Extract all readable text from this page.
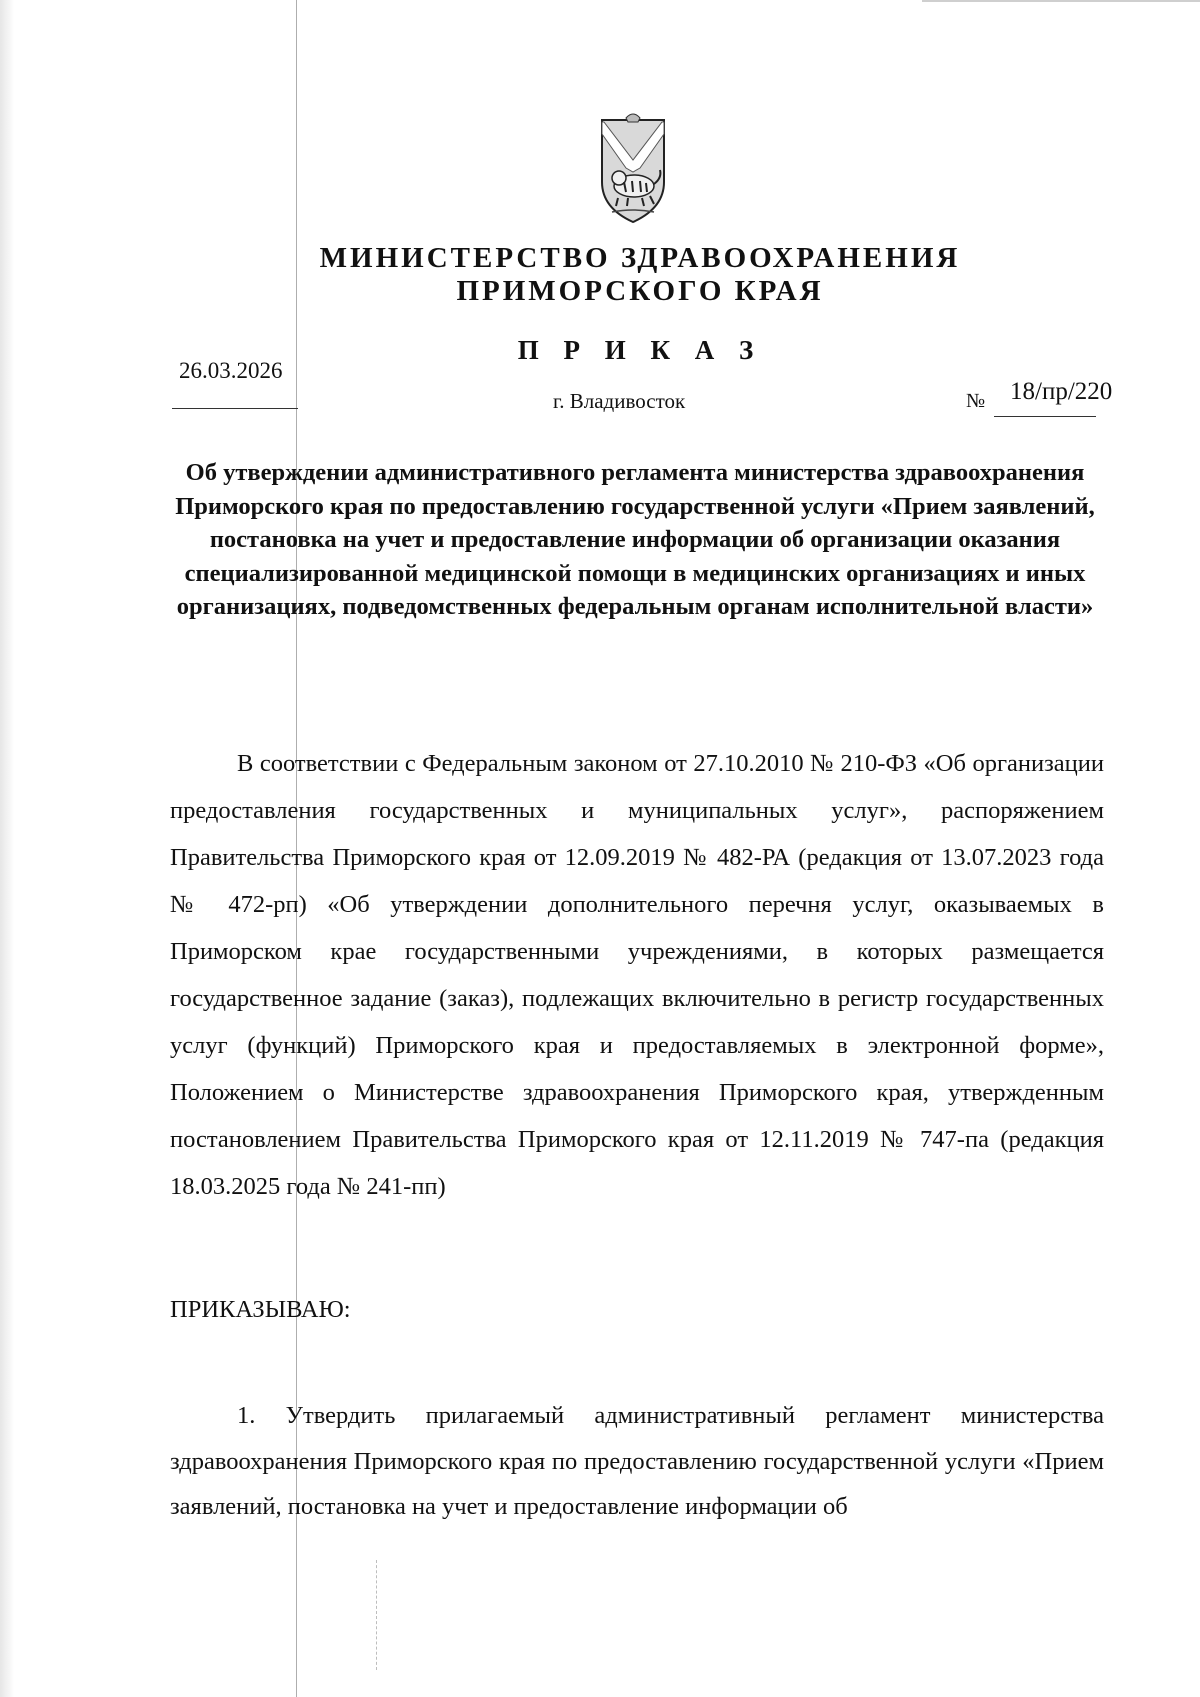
МИНИСТЕРСТВО ЗДРАВООХРАНЕНИЯ
ПРИМОРСКОГО КРАЯ
П Р И К А З
26.03.2026
г. Владивосток	№ 18/пр/220
Об утверждении административного регламента министерства здравоохранения Приморского края по предоставлению государственной услуги «Прием заявлений, постановка на учет и предоставление информации об организации оказания специализированной медицинской помощи в медицинских организациях и иных организациях, подведомственных федеральным органам исполнительной власти»

В соответствии с Федеральным законом от 27.10.2010 № 210-ФЗ «Об организации предоставления государственных и муниципальных услуг», распоряжением Правительства Приморского края от 12.09.2019 № 482-РА (редакция от 13.07.2023 года № 472-рп) «Об утверждении дополнительного перечня услуг, оказываемых в Приморском крае государственными учреждениями, в которых размещается государственное задание (заказ), подлежащих включительно в регистр государственных услуг (функций) Приморского края и предоставляемых в электронной форме», Положением о Министерстве здравоохранения Приморского края, утвержденным постановлением Правительства Приморского края от 12.11.2019 № 747-па (редакция 18.03.2025 года № 241-пп)

ПРИКАЗЫВАЮ:

1. Утвердить прилагаемый административный регламент министерства здравоохранения Приморского края по предоставлению государственной услуги «Прием заявлений, постановка на учет и предоставление информации об
